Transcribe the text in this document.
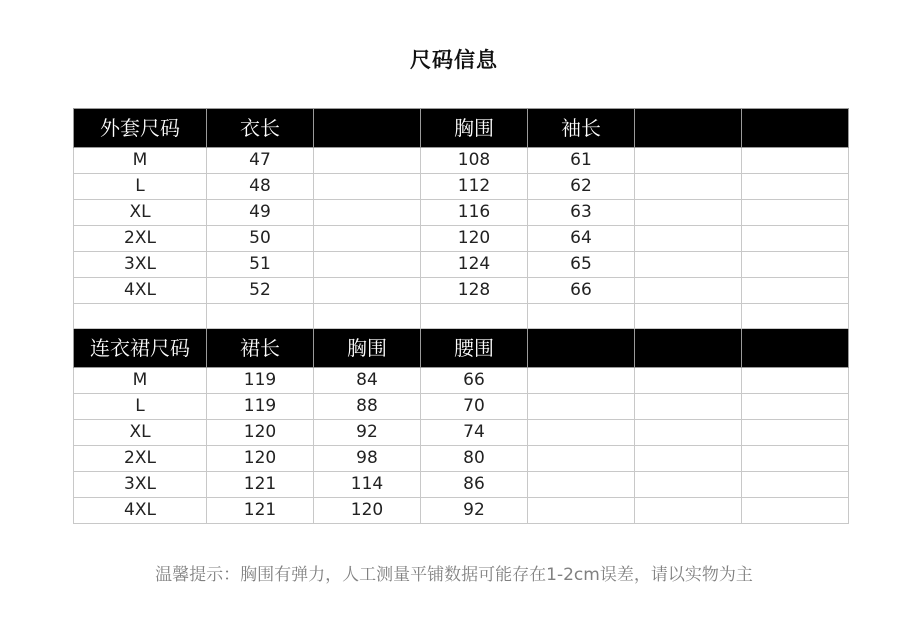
尺码信息
外套尺码	衣长		胸围	袖长		
M	47		108	61		
L	48		112	62		
XL	49		116	63		
2XL	50		120	64		
3XL	51		124	65		
4XL	52		128	66		

连衣裙尺码	裙长	胸围	腰围			
M	119	84	66			
L	119	88	70			
XL	120	92	74			
2XL	120	98	80			
3XL	121	114	86			
4XL	121	120	92			
温馨提示：胸围有弹力，人工测量平铺数据可能存在1-2cm误差，请以实物为主
